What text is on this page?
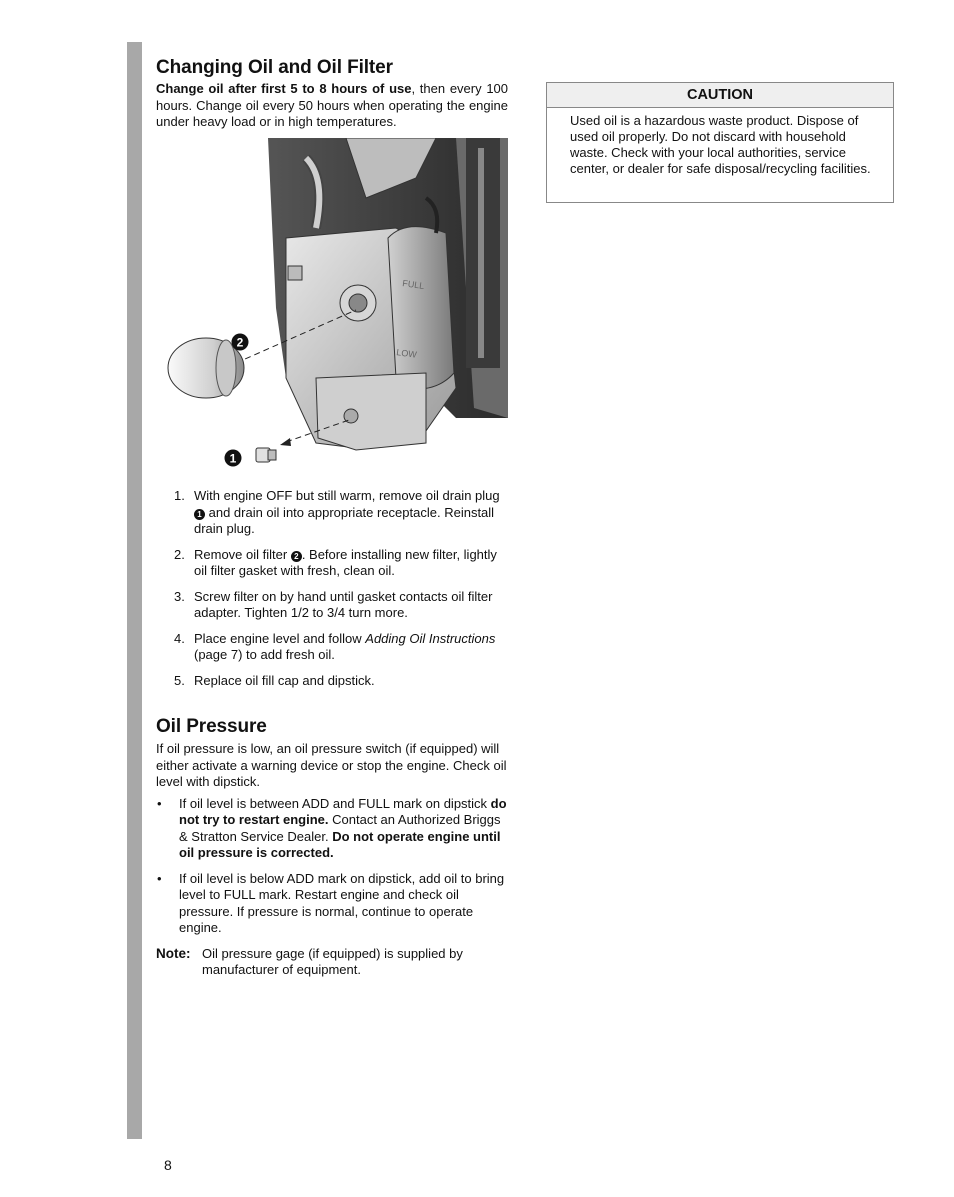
Changing Oil and Oil Filter

Change oil after first 5 to 8 hours of use, then every 100 hours. Change oil every 50 hours when operating the engine under heavy load or in high temperatures.

FULL
LOW
2
1
1. With engine OFF but still warm, remove oil drain plug 1 and drain oil into appropriate receptacle. Reinstall drain plug.
2. Remove oil filter 2 . Before installing new filter, lightly oil filter gasket with fresh, clean oil.
3. Screw filter on by hand until gasket contacts oil filter adapter. Tighten 1/2 to 3/4 turn more.
4. Place engine level and follow Adding Oil Instructions (page 7) to add fresh oil.
5. Replace oil fill cap and dipstick.
Oil Pressure

If oil pressure is low, an oil pressure switch (if equipped) will either activate a warning device or stop the engine. Check oil level with dipstick.

• If oil level is between ADD and FULL mark on dipstick do not try to restart engine. Contact an Authorized Briggs & Stratton Service Dealer. Do not operate engine until oil pressure is corrected.
• If oil level is below ADD mark on dipstick, add oil to bring level to FULL mark. Restart engine and check oil pressure. If pressure is normal, continue to operate engine.
Note: Oil pressure gage (if equipped) is supplied by manufacturer of equipment.
CAUTION
Used oil is a hazardous waste product. Dispose of used oil properly. Do not discard with household waste. Check with your local authorities, service center, or dealer for safe disposal/recycling facilities.
8
